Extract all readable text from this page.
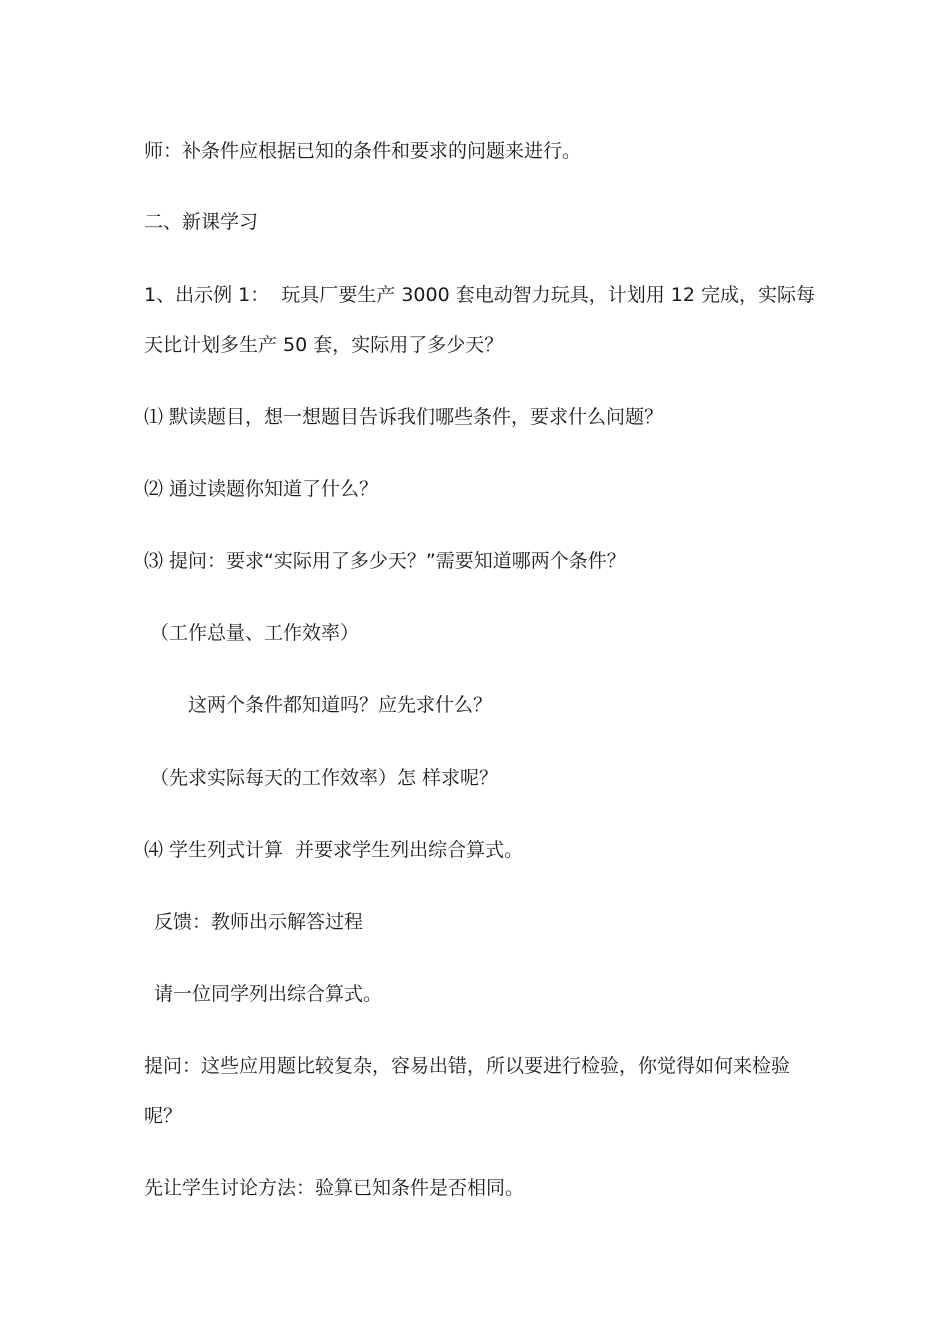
师：补条件应根据已知的条件和要求的问题来进行。
二、新课学习
1、出示例 1：  玩具厂要生产 3000 套电动智力玩具，计划用 12 完成，实际每
天比计划多生产 50 套，实际用了多少天？
⑴ 默读题目，想一想题目告诉我们哪些条件，要求什么问题？
⑵ 通过读题你知道了什么？
⑶ 提问：要求“实际用了多少天？”需要知道哪两个条件？
（工作总量、工作效率）
这两个条件都知道吗？应先求什么？
（先求实际每天的工作效率）怎 样求呢？
⑷ 学生列式计算  并要求学生列出综合算式。
反馈：教师出示解答过程
请一位同学列出综合算式。
提问：这些应用题比较复杂，容易出错，所以要进行检验，你觉得如何来检验
呢？
先让学生讨论方法：验算已知条件是否相同。
